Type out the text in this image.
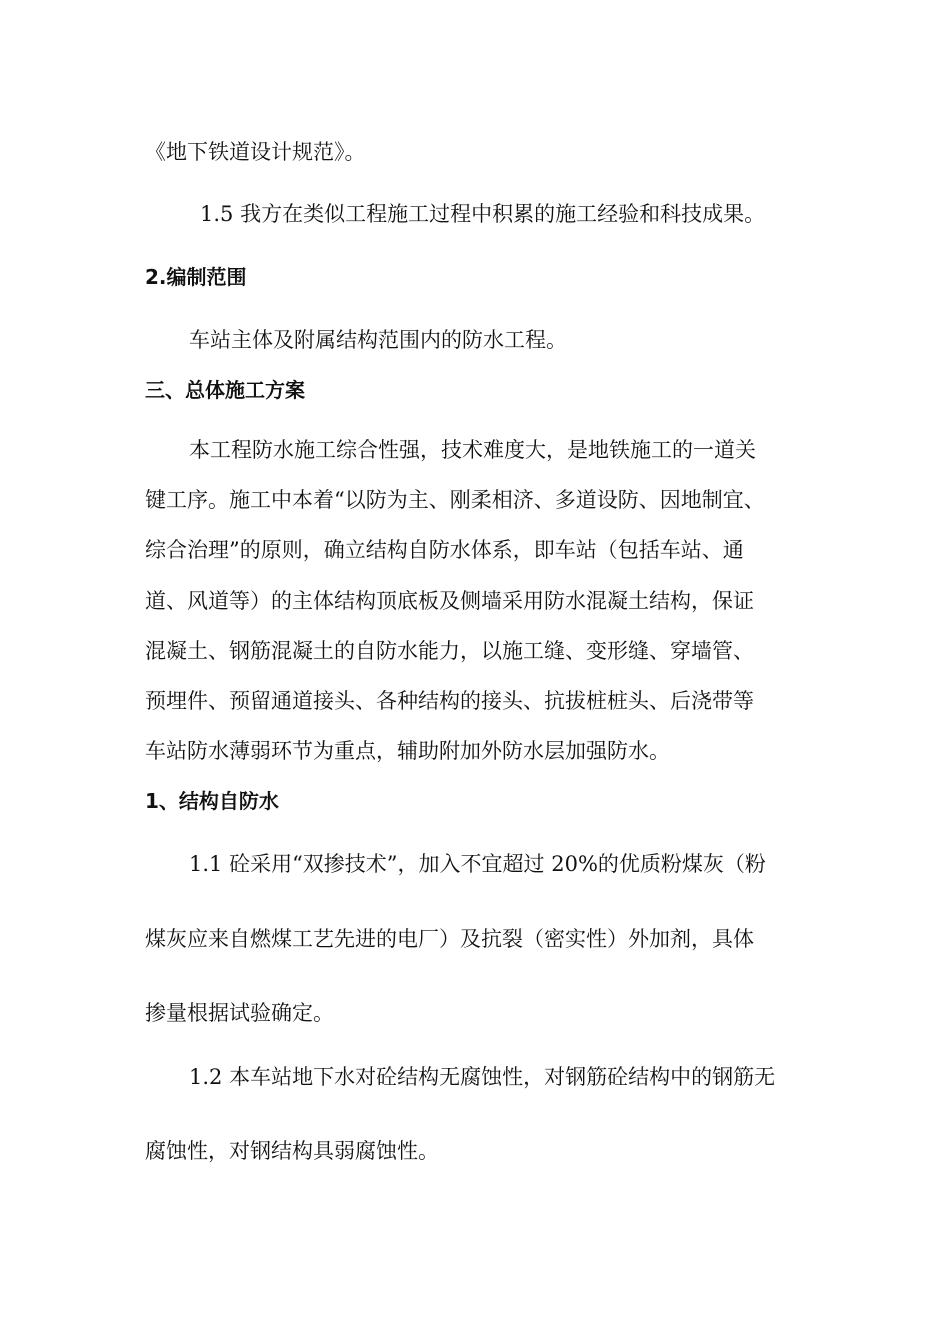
《地下铁道设计规范》。

1.5 我方在类似工程施工过程中积累的施工经验和科技成果。

2.编制范围

车站主体及附属结构范围内的防水工程。

三、总体施工方案

本工程防水施工综合性强，技术难度大，是地铁施工的一道关

键工序。施工中本着“以防为主、刚柔相济、多道设防、因地制宜、

综合治理”的原则，确立结构自防水体系，即车站（包括车站、通

道、风道等）的主体结构顶底板及侧墙采用防水混凝土结构，保证

混凝土、钢筋混凝土的自防水能力，以施工缝、变形缝、穿墙管、

预埋件、预留通道接头、各种结构的接头、抗拔桩桩头、后浇带等

车站防水薄弱环节为重点，辅助附加外防水层加强防水。

1、结构自防水

1.1 砼采用“双掺技术”，加入不宜超过 20%的优质粉煤灰（粉

煤灰应来自燃煤工艺先进的电厂）及抗裂（密实性）外加剂，具体

掺量根据试验确定。

1.2 本车站地下水对砼结构无腐蚀性，对钢筋砼结构中的钢筋无

腐蚀性，对钢结构具弱腐蚀性。
